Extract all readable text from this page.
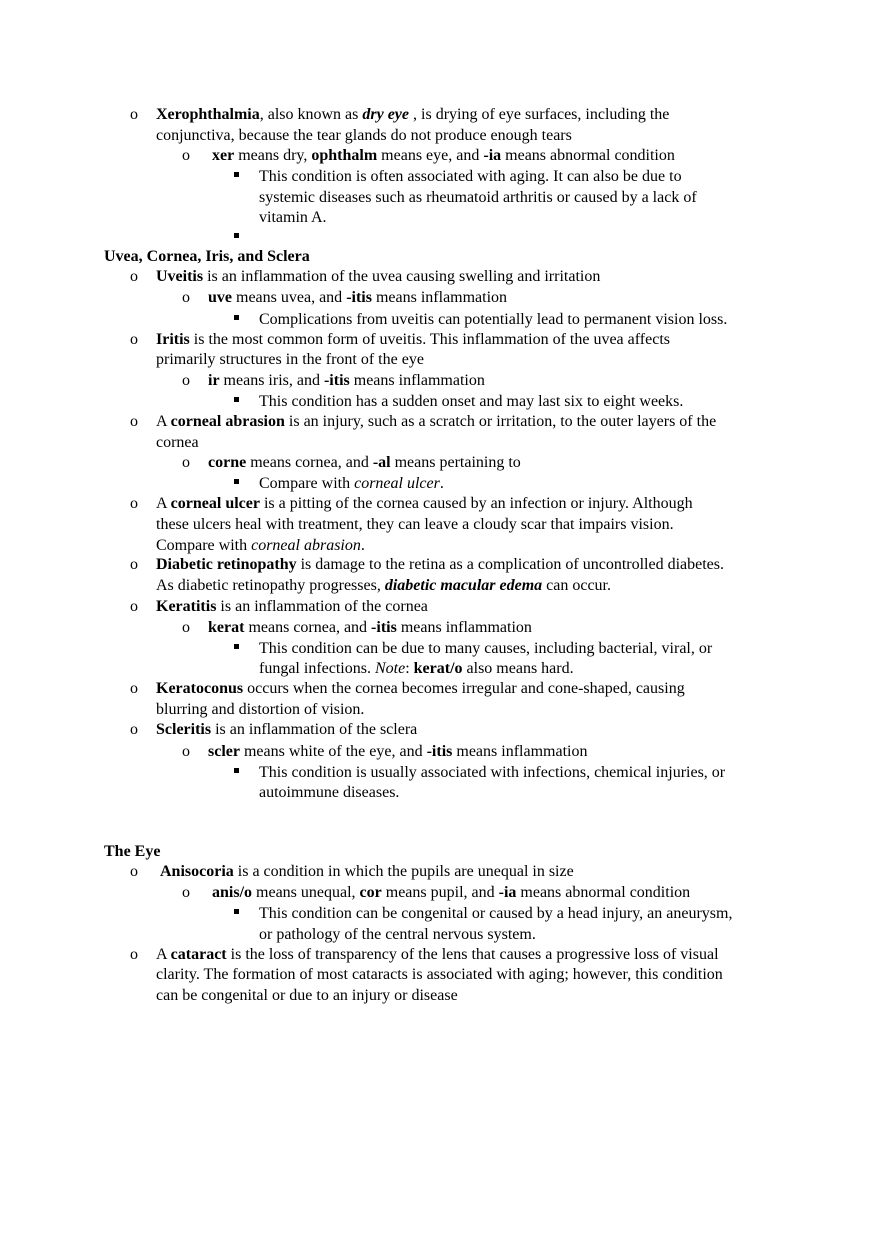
o Xerophthalmia, also known as dry eye , is drying of eye surfaces, including the
conjunctiva, because the tear glands do not produce enough tears
o xer means dry, ophthalm means eye, and -ia means abnormal condition
This condition is often associated with aging. It can also be due to
systemic diseases such as rheumatoid arthritis or caused by a lack of
vitamin A.
Uvea, Cornea, Iris, and Sclera
o Uveitis is an inflammation of the uvea causing swelling and irritation
o uve means uvea, and -itis means inflammation
Complications from uveitis can potentially lead to permanent vision loss.
o Iritis is the most common form of uveitis. This inflammation of the uvea affects
primarily structures in the front of the eye
o ir means iris, and -itis means inflammation
This condition has a sudden onset and may last six to eight weeks.
o A corneal abrasion is an injury, such as a scratch or irritation, to the outer layers of the
cornea
o corne means cornea, and -al means pertaining to
Compare with corneal ulcer.
o A corneal ulcer is a pitting of the cornea caused by an infection or injury. Although
these ulcers heal with treatment, they can leave a cloudy scar that impairs vision.
Compare with corneal abrasion.
o Diabetic retinopathy is damage to the retina as a complication of uncontrolled diabetes.
As diabetic retinopathy progresses, diabetic macular edema can occur.
o Keratitis is an inflammation of the cornea
o kerat means cornea, and -itis means inflammation
This condition can be due to many causes, including bacterial, viral, or
fungal infections. Note: kerat/o also means hard.
o Keratoconus occurs when the cornea becomes irregular and cone-shaped, causing
blurring and distortion of vision.
o Scleritis is an inflammation of the sclera
o scler means white of the eye, and -itis means inflammation
This condition is usually associated with infections, chemical injuries, or
autoimmune diseases.
The Eye
o Anisocoria is a condition in which the pupils are unequal in size
o anis/o means unequal, cor means pupil, and -ia means abnormal condition
This condition can be congenital or caused by a head injury, an aneurysm,
or pathology of the central nervous system.
o A cataract is the loss of transparency of the lens that causes a progressive loss of visual
clarity. The formation of most cataracts is associated with aging; however, this condition
can be congenital or due to an injury or disease
